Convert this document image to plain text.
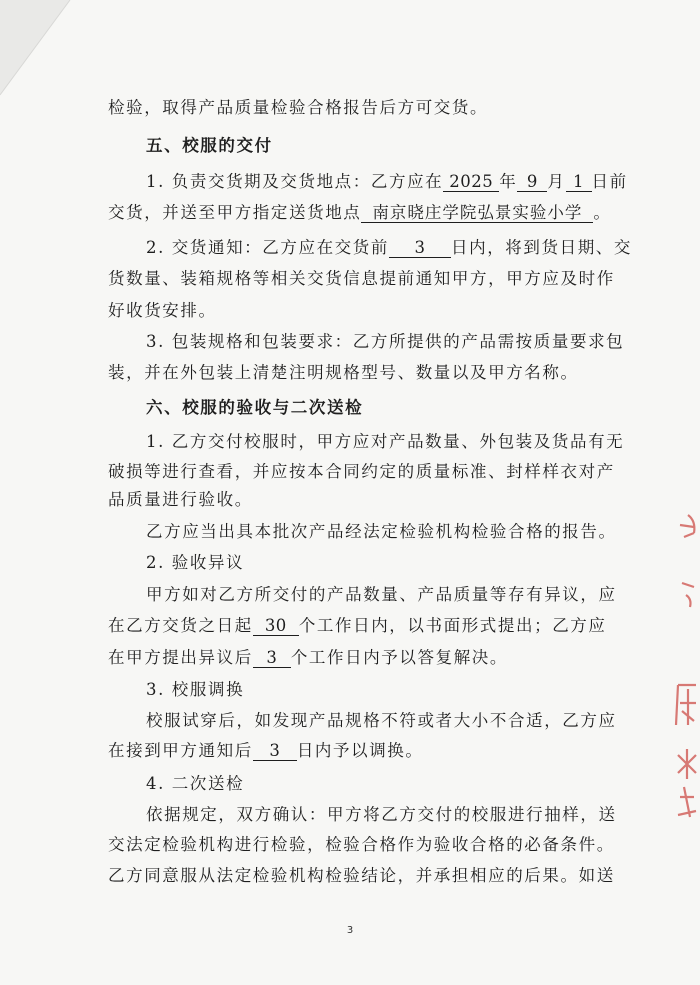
检验，取得产品质量检验合格报告后方可交货。
五、校服的交付
1. 负责交货期及交货地点：乙方应在 2025 年 9 月 1 日前
交货，并送至甲方指定送货地点 南京晓庄学院弘景实验小学 。
2. 交货通知：乙方应在交货前 3 日内，将到货日期、交
货数量、装箱规格等相关交货信息提前通知甲方，甲方应及时作
好收货安排。
3. 包装规格和包装要求：乙方所提供的产品需按质量要求包
装，并在外包装上清楚注明规格型号、数量以及甲方名称。
六、校服的验收与二次送检
1. 乙方交付校服时，甲方应对产品数量、外包装及货品有无
破损等进行查看，并应按本合同约定的质量标准、封样样衣对产
品质量进行验收。
乙方应当出具本批次产品经法定检验机构检验合格的报告。
2. 验收异议
甲方如对乙方所交付的产品数量、产品质量等存有异议，应
在乙方交货之日起 30 个工作日内，以书面形式提出；乙方应
在甲方提出异议后 3 个工作日内予以答复解决。
3. 校服调换
校服试穿后，如发现产品规格不符或者大小不合适，乙方应
在接到甲方通知后 3 日内予以调换。
4. 二次送检
依据规定，双方确认：甲方将乙方交付的校服进行抽样，送
交法定检验机构进行检验，检验合格作为验收合格的必备条件。
乙方同意服从法定检验机构检验结论，并承担相应的后果。如送
3
